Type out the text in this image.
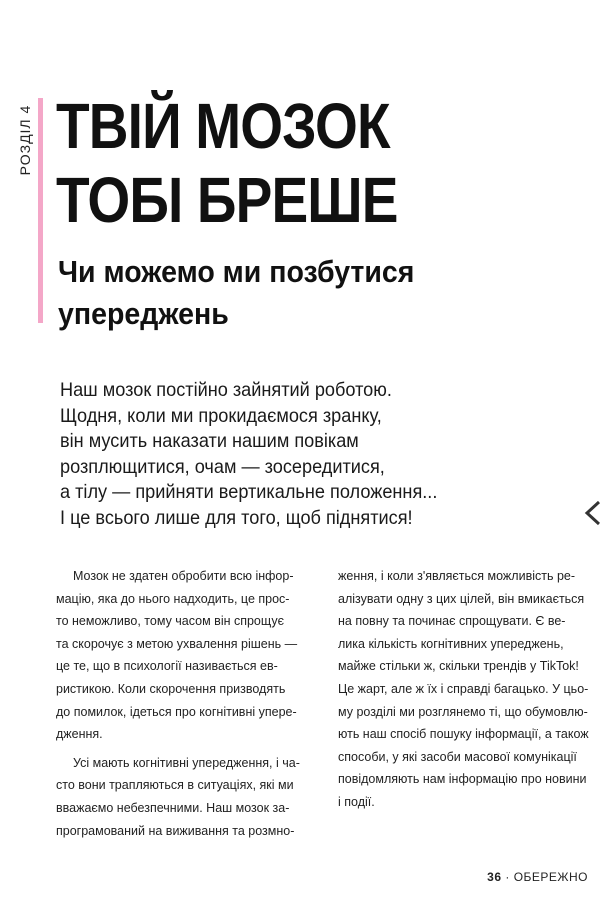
РОЗДІЛ 4 ТВІЙ МОЗОК
ТОБІ БРЕШЕ
Чи можемо ми позбутися
упереджень
Наш мозок постійно зайнятий роботою.
Щодня, коли ми прокидаємося зранку,
він мусить наказати нашим повікам
розплющитися, очам — зосередитися,
а тілу — прийняти вертикальне положення...
І це всього лише для того, щоб піднятися!

Мозок не здатен обробити всю інфор-
мацію, яка до нього надходить, це прос-
то неможливо, тому часом він спрощує
та скорочує з метою ухвалення рішень —
це те, що в психології називається ев-
ристикою. Коли скорочення призводять
до помилок, ідеться про когнітивні упере-
дження.

Усі мають когнітивні упередження, і ча-
сто вони трапляються в ситуаціях, які ми
вважаємо небезпечними. Наш мозок за-
програмований на виживання та розмно-

ження, і коли з'являється можливість ре-
алізувати одну з цих цілей, він вмикається
на повну та починає спрощувати. Є ве-
лика кількість когнітивних упереджень,
майже стільки ж, скільки трендів у TikTok!
Це жарт, але ж їх і справді багацько. У цьо-
му розділі ми розглянемо ті, що обумовлю-
ють наш спосіб пошуку інформації, а також
способи, у які засоби масової комунікації
повідомляють нам інформацію про новини
і події.

36 · ОБЕРЕЖНО
